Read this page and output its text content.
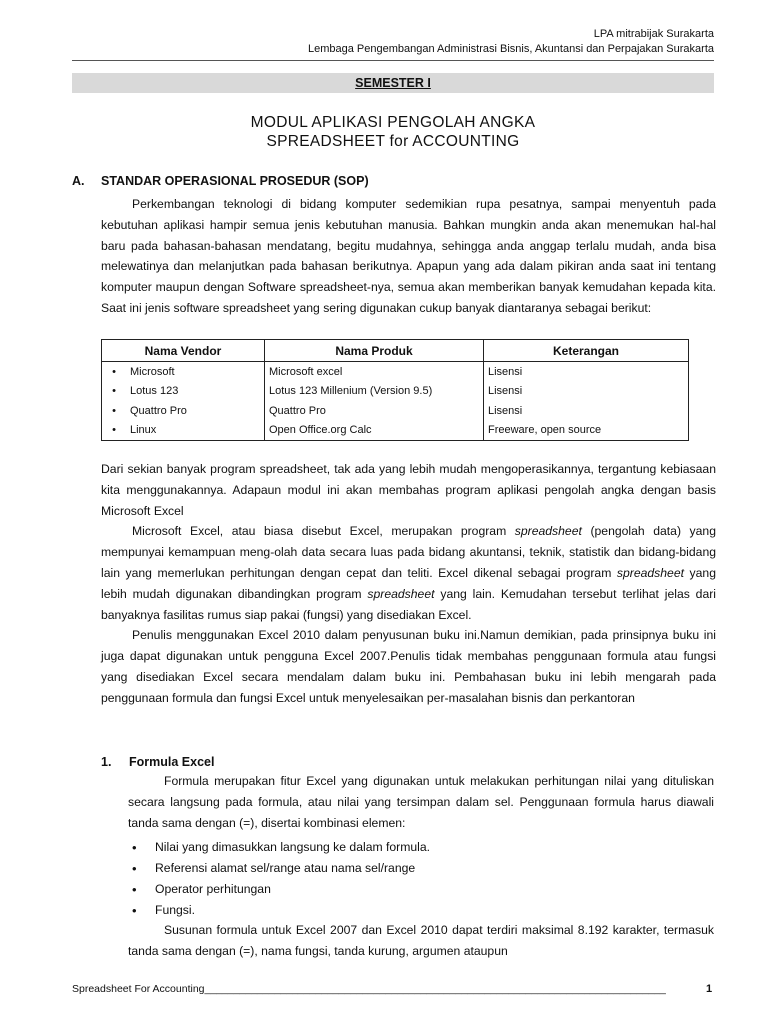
LPA mitrabijak Surakarta
Lembaga Pengembangan Administrasi Bisnis, Akuntansi dan Perpajakan Surakarta
SEMESTER I
MODUL APLIKASI PENGOLAH ANGKA
SPREADSHEET for ACCOUNTING
A. STANDAR OPERASIONAL PROSEDUR (SOP)

Perkembangan teknologi di bidang komputer sedemikian rupa pesatnya, sampai menyentuh pada kebutuhan aplikasi hampir semua jenis kebutuhan manusia. Bahkan mungkin anda akan menemukan hal-hal baru pada bahasan-bahasan mendatang, begitu mudahnya, sehingga anda anggap terlalu mudah, anda bisa melewatinya dan melanjutkan pada bahasan berikutnya. Apapun yang ada dalam pikiran anda saat ini tentang komputer maupun dengan Software spreadsheet-nya, semua akan memberikan banyak kemudahan kepada kita. Saat ini jenis software spreadsheet yang sering digunakan cukup banyak diantaranya sebagai berikut:

Nama Vendor		Nama Produk	Keterangan
•	Microsoft	Microsoft excel	Lisensi
•	Lotus 123	Lotus 123 Millenium (Version 9.5)	Lisensi
•	Quattro Pro	Quattro Pro	Lisensi
•	Linux	Open Office.org Calc	Freeware, open source

Dari sekian banyak program spreadsheet, tak ada yang lebih mudah mengoperasikannya, tergantung kebiasaan kita menggunakannya. Adapaun modul ini akan membahas program aplikasi pengolah angka dengan basis Microsoft Excel

Microsoft Excel, atau biasa disebut Excel, merupakan program spreadsheet (pengolah data) yang mempunyai kemampuan meng-olah data secara luas pada bidang akuntansi, teknik, statistik dan bidang-bidang lain yang memerlukan perhitungan dengan cepat dan teliti. Excel dikenal sebagai program spreadsheet yang lebih mudah digunakan dibandingkan program spreadsheet yang lain. Kemudahan tersebut terlihat jelas dari banyaknya fasilitas rumus siap pakai (fungsi) yang disediakan Excel.

Penulis menggunakan Excel 2010 dalam penyusunan buku ini.Namun demikian, pada prinsipnya buku ini juga dapat digunakan untuk pengguna Excel 2007.Penulis tidak membahas penggunaan formula atau fungsi yang disediakan Excel secara mendalam dalam buku ini. Pembahasan buku ini lebih mengarah pada penggunaan formula dan fungsi Excel untuk menyelesaikan per-masalahan bisnis dan perkantoran

1. Formula Excel

Formula merupakan fitur Excel yang digunakan untuk melakukan perhitungan nilai yang dituliskan secara langsung pada formula, atau nilai yang tersimpan dalam sel. Penggunaan formula harus diawali tanda sama dengan (=), disertai kombinasi elemen:

• Nilai yang dimasukkan langsung ke dalam formula.
• Referensi alamat sel/range atau nama sel/range
• Operator perhitungan
• Fungsi.

Susunan formula untuk Excel 2007 dan Excel 2010 dapat terdiri maksimal 8.192 karakter, termasuk tanda sama dengan (=), nama fungsi, tanda kurung, argumen ataupun

Spreadsheet For Accounting_______________________________________________________________________________	1
